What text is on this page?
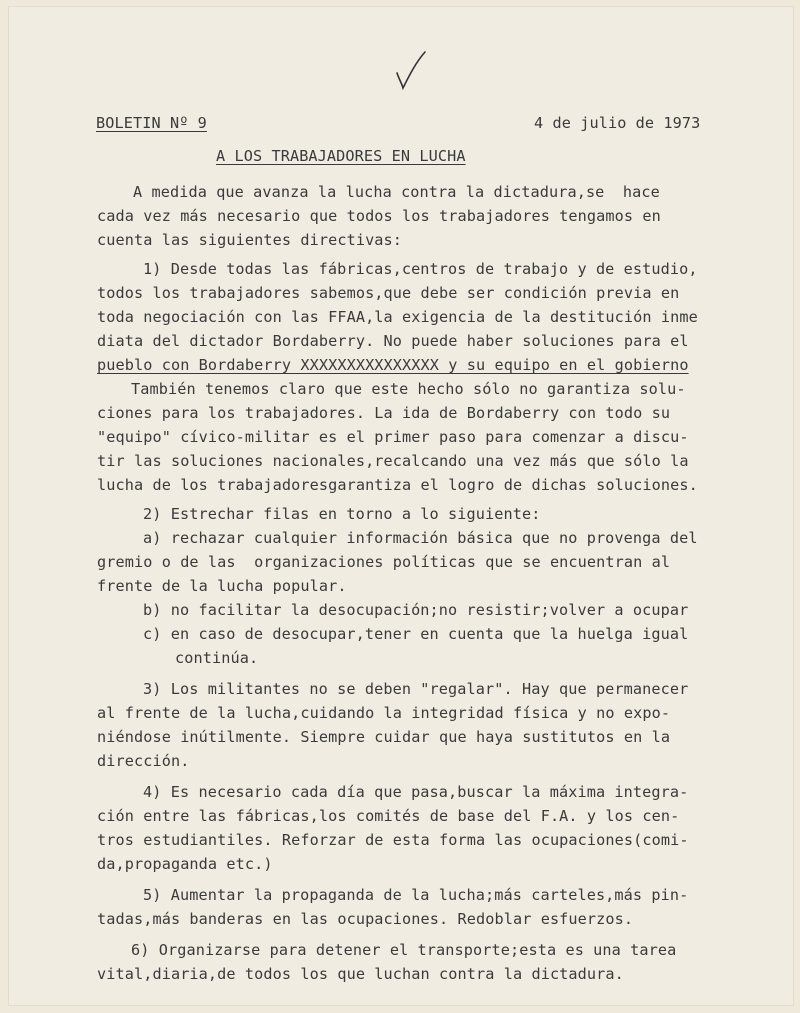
BOLETIN Nº 9	4 de julio de 1973
A LOS TRABAJADORES EN LUCHA
A medida que avanza la lucha contra la dictadura,se  hace
cada vez más necesario que todos los trabajadores tengamos en
cuenta las siguientes directivas:
1) Desde todas las fábricas,centros de trabajo y de estudio,
todos los trabajadores sabemos,que debe ser condición previa en
toda negociación con las FFAA,la exigencia de la destitución inme
diata del dictador Bordaberry. No puede haber soluciones para el
pueblo con Bordaberry XXXXXXXXXXXXXXX y su equipo en el gobierno
También tenemos claro que este hecho sólo no garantiza solu-
ciones para los trabajadores. La ida de Bordaberry con todo su
"equipo" cívico-militar es el primer paso para comenzar a discu-
tir las soluciones nacionales,recalcando una vez más que sólo la
lucha de los trabajadoresgarantiza el logro de dichas soluciones.
2) Estrechar filas en torno a lo siguiente:
a) rechazar cualquier información básica que no provenga del
gremio o de las  organizaciones políticas que se encuentran al
frente de la lucha popular.
b) no facilitar la desocupación;no resistir;volver a ocupar
c) en caso de desocupar,tener en cuenta que la huelga igual
continúa.
3) Los militantes no se deben "regalar". Hay que permanecer
al frente de la lucha,cuidando la integridad física y no expo-
niéndose inútilmente. Siempre cuidar que haya sustitutos en la
dirección.
4) Es necesario cada día que pasa,buscar la máxima integra-
ción entre las fábricas,los comités de base del F.A. y los cen-
tros estudiantiles. Reforzar de esta forma las ocupaciones(comi-
da,propaganda etc.)
5) Aumentar la propaganda de la lucha;más carteles,más pin-
tadas,más banderas en las ocupaciones. Redoblar esfuerzos.
6) Organizarse para detener el transporte;esta es una tarea
vital,diaria,de todos los que luchan contra la dictadura.
